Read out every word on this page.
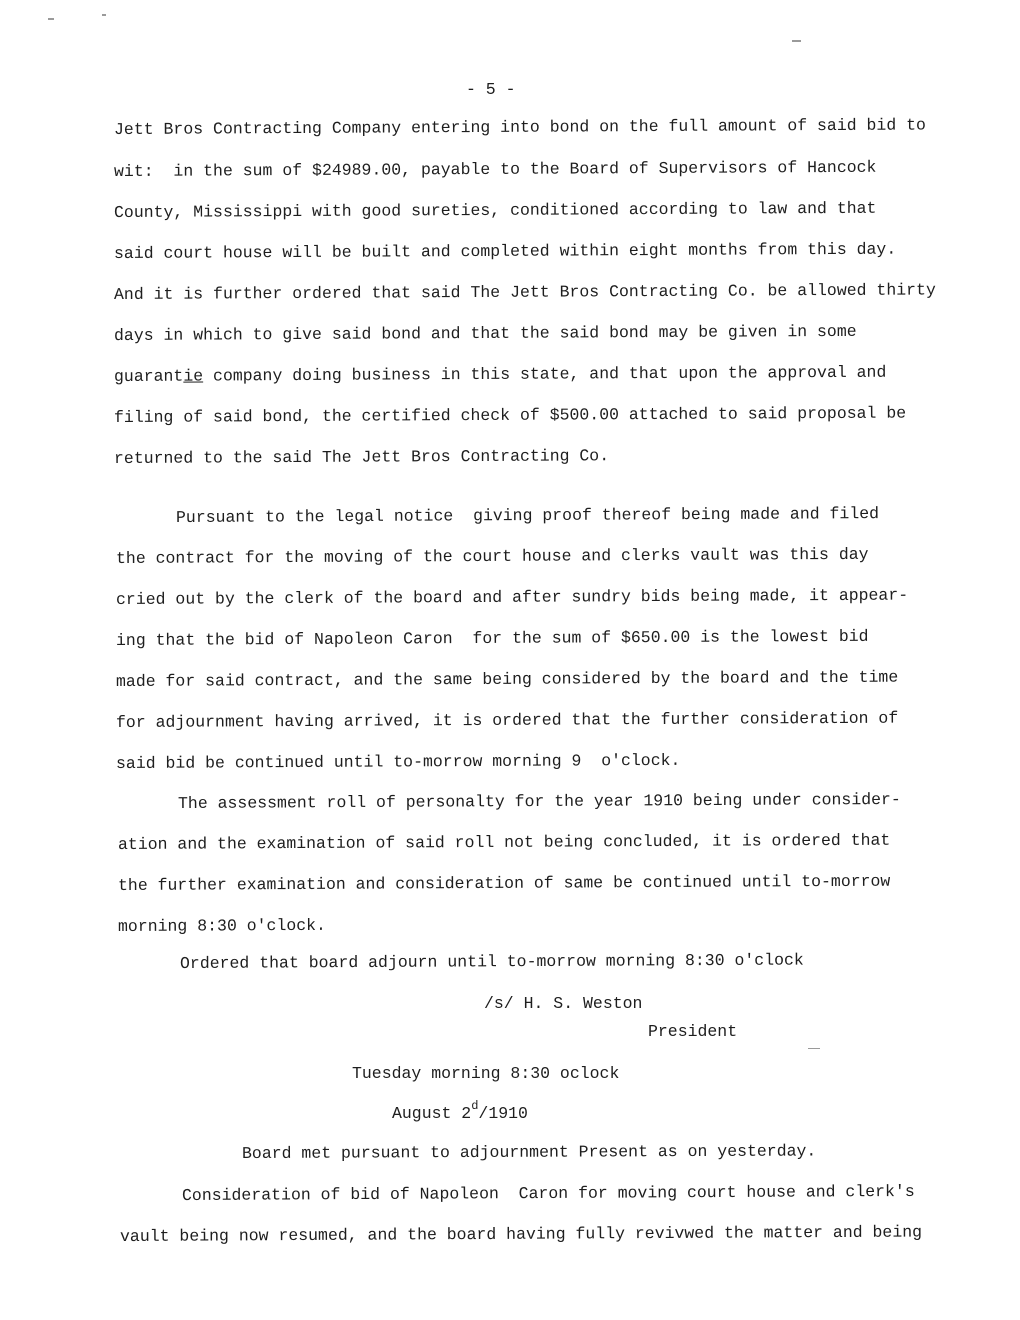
- 5 -
Jett Bros Contracting Company entering into bond on the full amount of said bid to
wit:  in the sum of $24989.00, payable to the Board of Supervisors of Hancock
County, Mississippi with good sureties, conditioned according to law and that
said court house will be built and completed within eight months from this day.
And it is further ordered that said The Jett Bros Contracting Co. be allowed thirty
days in which to give said bond and that the said bond may be given in some
guarantie company doing business in this state, and that upon the approval and
filing of said bond, the certified check of $500.00 attached to said proposal be
returned to the said The Jett Bros Contracting Co.
Pursuant to the legal notice  giving proof thereof being made and filed
the contract for the moving of the court house and clerks vault was this day
cried out by the clerk of the board and after sundry bids being made, it appear-
ing that the bid of Napoleon Caron  for the sum of $650.00 is the lowest bid
made for said contract, and the same being considered by the board and the time
for adjournment having arrived, it is ordered that the further consideration of
said bid be continued until to-morrow morning 9  o'clock.
The assessment roll of personalty for the year 1910 being under consider-
ation and the examination of said roll not being concluded, it is ordered that
the further examination and consideration of same be continued until to-morrow
morning 8:30 o'clock.
Ordered that board adjourn until to-morrow morning 8:30 o'clock
/s/ H. S. Weston
President
Tuesday morning 8:30 oclock
August 2$^d$/1910
Board met pursuant to adjournment Present as on yesterday.
Consideration of bid of Napoleon  Caron for moving court house and clerk's
vault being now resumed, and the board having fully revivwed the matter and being
